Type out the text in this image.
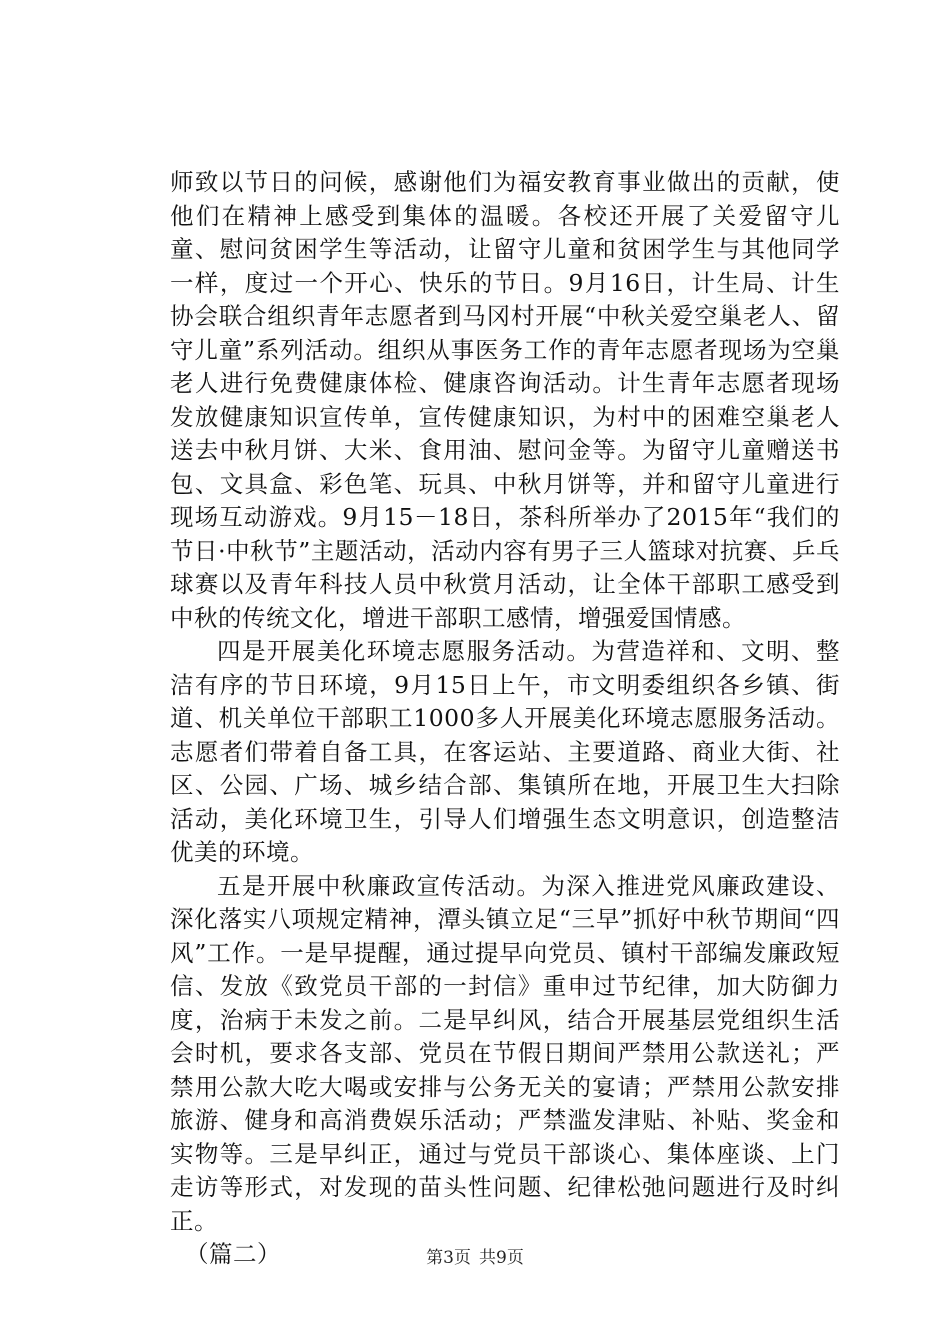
师致以节日的问候，感谢他们为福安教育事业做出的贡献，使他们在精神上感受到集体的温暖。各校还开展了关爱留守儿童、慰问贫困学生等活动，让留守儿童和贫困学生与其他同学一样，度过一个开心、快乐的节日。9月16日，计生局、计生协会联合组织青年志愿者到马冈村开展“中秋关爱空巢老人、留守儿童”系列活动。组织从事医务工作的青年志愿者现场为空巢老人进行免费健康体检、健康咨询活动。计生青年志愿者现场发放健康知识宣传单，宣传健康知识，为村中的困难空巢老人送去中秋月饼、大米、食用油、慰问金等。为留守儿童赠送书包、文具盒、彩色笔、玩具、中秋月饼等，并和留守儿童进行现场互动游戏。9月15－18日，茶科所举办了2015年“我们的节日·中秋节”主题活动，活动内容有男子三人篮球对抗赛、乒乓球赛以及青年科技人员中秋赏月活动，让全体干部职工感受到中秋的传统文化，增进干部职工感情，增强爱国情感。

四是开展美化环境志愿服务活动。为营造祥和、文明、整洁有序的节日环境，9月15日上午，市文明委组织各乡镇、街道、机关单位干部职工1000多人开展美化环境志愿服务活动。志愿者们带着自备工具，在客运站、主要道路、商业大街、社区、公园、广场、城乡结合部、集镇所在地，开展卫生大扫除活动，美化环境卫生，引导人们增强生态文明意识，创造整洁优美的环境。

五是开展中秋廉政宣传活动。为深入推进党风廉政建设、深化落实八项规定精神，潭头镇立足“三早”抓好中秋节期间“四风”工作。一是早提醒，通过提早向党员、镇村干部编发廉政短信、发放《致党员干部的一封信》重申过节纪律，加大防御力度，治病于未发之前。二是早纠风，结合开展基层党组织生活会时机，要求各支部、党员在节假日期间严禁用公款送礼；严禁用公款大吃大喝或安排与公务无关的宴请；严禁用公款安排旅游、健身和高消费娱乐活动；严禁滥发津贴、补贴、奖金和实物等。三是早纠正，通过与党员干部谈心、集体座谈、上门走访等形式，对发现的苗头性问题、纪律松弛问题进行及时纠正。

（篇二）	第3页 共9页
